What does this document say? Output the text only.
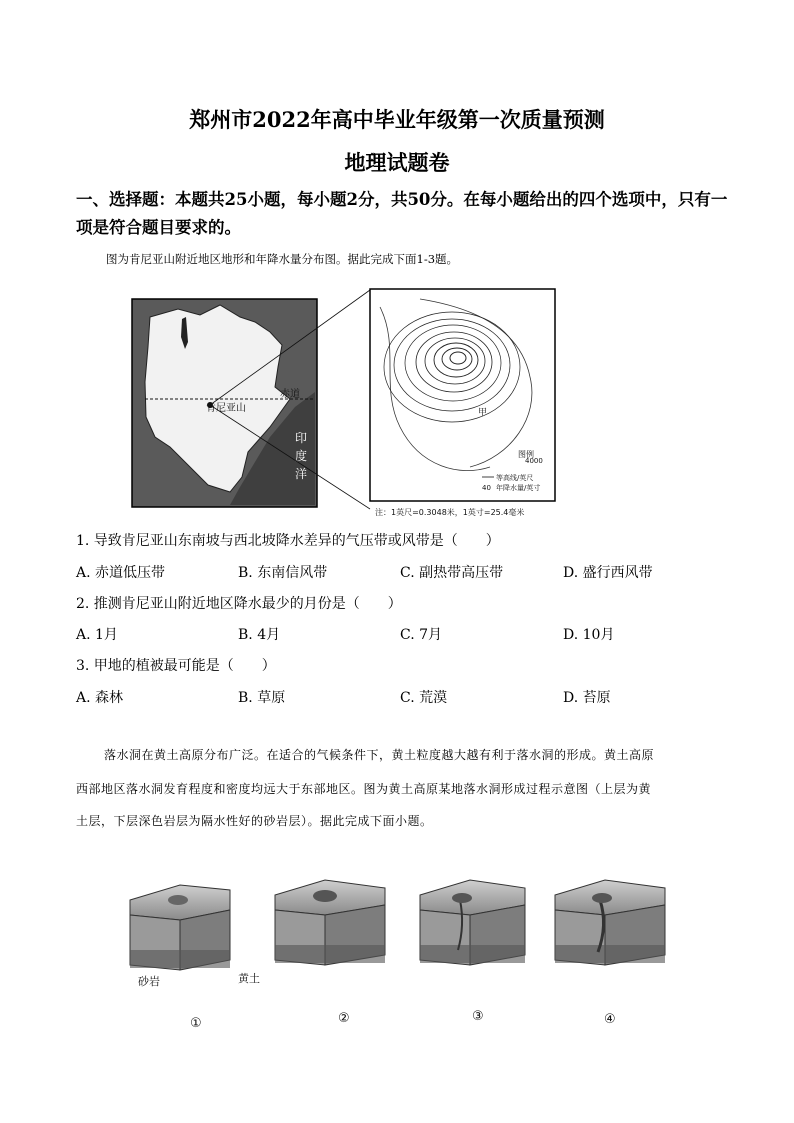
郑州市2022年高中毕业年级第一次质量预测
地理试题卷
一、选择题：本题共25小题，每小题2分，共50分。在每小题给出的四个选项中，只有一
项是符合题目要求的。
图为肯尼亚山附近地区地形和年降水量分布图。据此完成下面1-3题。
赤道
肯尼亚山
印
度
洋
甲
4000
图例
等高线/英尺
40 年降水量/英寸
注：1英尺=0.3048米，1英寸=25.4毫米
1. 导致肯尼亚山东南坡与西北坡降水差异的气压带或风带是（　　）
A. 赤道低压带	B. 东南信风带	C. 副热带高压带	D. 盛行西风带
2. 推测肯尼亚山附近地区降水最少的月份是（　　）
A. 1月	B. 4月	C. 7月	D. 10月
3. 甲地的植被最可能是（　　）
A. 森林	B. 草原	C. 荒漠	D. 苔原
落水洞在黄土高原分布广泛。在适合的气候条件下，黄土粒度越大越有利于落水洞的形成。黄土高原
西部地区落水洞发育程度和密度均远大于东部地区。图为黄土高原某地落水洞形成过程示意图（上层为黄
土层，下层深色岩层为隔水性好的砂岩层）。据此完成下面小题。
砂岩	黄土
①	②	③	④
